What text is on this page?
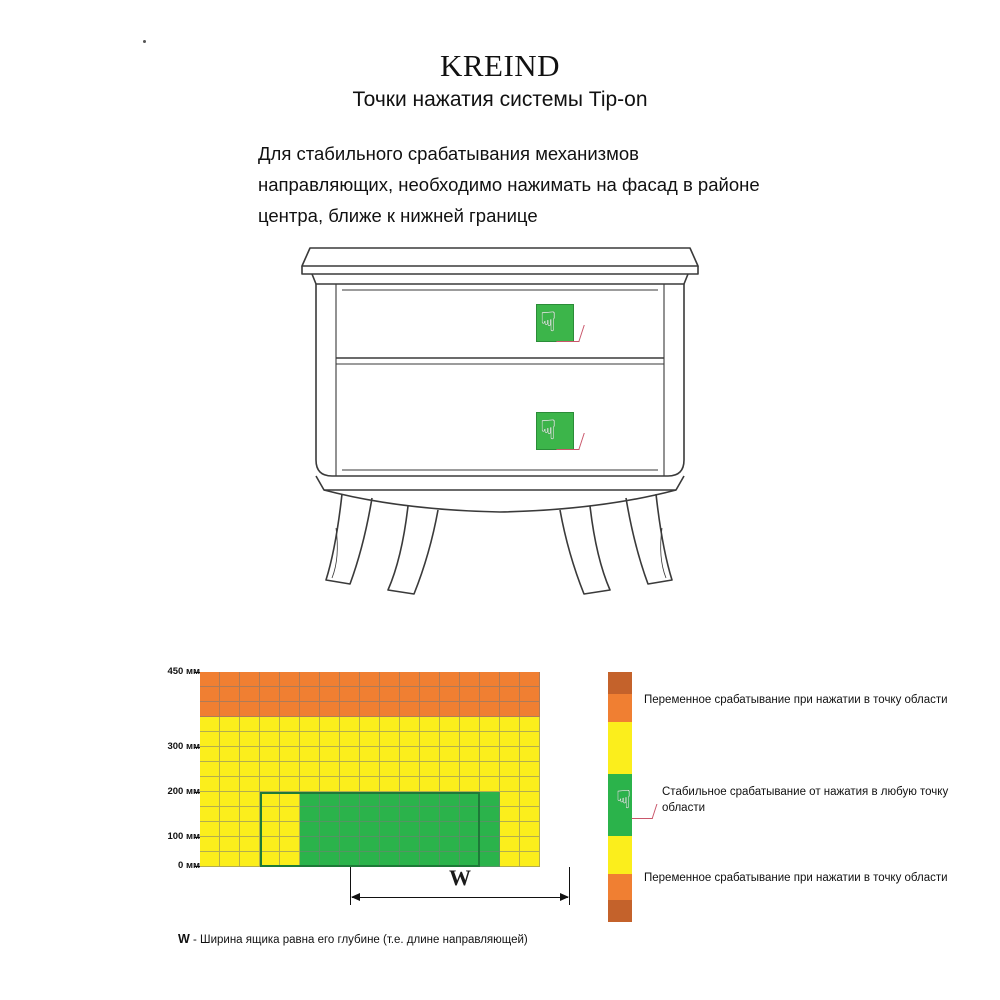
KREIND
Точки нажатия системы Tip-on
Для стабильного срабатывания механизмов направляющих, необходимо нажимать на фасад в районе центра, ближе к нижней границе
☟
☟
450 мм
300 мм
200 мм
100 мм
0 мм	W
W - Ширина ящика равна его глубине (т.е. длине направляющей)
Переменное срабатывание при нажатии в точку области
☟	Стабильное срабатывание от нажатия в любую точку области
Переменное срабатывание при нажатии в точку области
